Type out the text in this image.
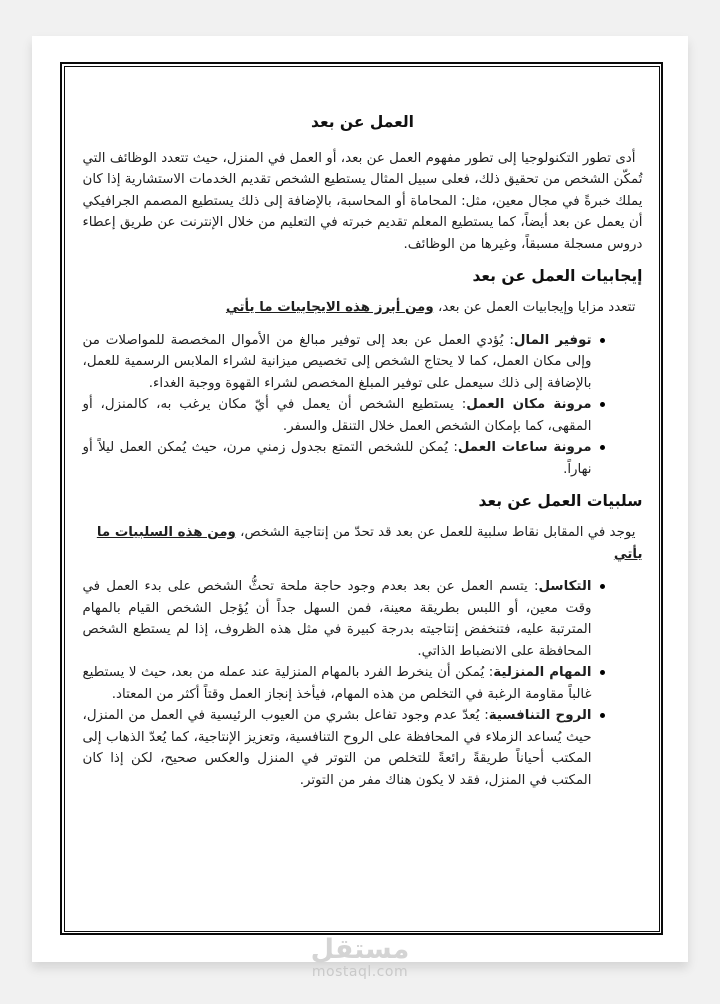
العمل عن بعد

أدى تطور التكنولوجيا إلى تطور مفهوم العمل عن بعد، أو العمل في المنزل، حيث تتعدد الوظائف التي تُمكّن الشخص من تحقيق ذلك، فعلى سبيل المثال يستطيع الشخص تقديم الخدمات الاستشارية إذا كان يملك خبرةً في مجال معين، مثل: المحاماة أو المحاسبة، بالإضافة إلى ذلك يستطيع المصمم الجرافيكي أن يعمل عن بعد أيضاً، كما يستطيع المعلم تقديم خبرته في التعليم من خلال الإنترنت عن طريق إعطاء دروس مسجلة مسبقاً، وغيرها من الوظائف.

إيجابيات العمل عن بعد

تتعدد مزايا وإيجابيات العمل عن بعد، ومن أبرز هذه الايجابيات ما يأتي

توفير المال: يُؤدي العمل عن بعد إلى توفير مبالغ من الأموال المخصصة للمواصلات من وإلى مكان العمل، كما لا يحتاج الشخص إلى تخصيص ميزانية لشراء الملابس الرسمية للعمل، بالإضافة إلى ذلك سيعمل على توفير المبلغ المخصص لشراء القهوة ووجبة الغداء.
مرونة مكان العمل: يستطيع الشخص أن يعمل في أيّ مكان يرغب به، كالمنزل، أو المقهى، كما بإمكان الشخص العمل خلال التنقل والسفر.
مرونة ساعات العمل: يُمكن للشخص التمتع بجدول زمني مرن، حيث يُمكن العمل ليلاً أو نهاراً.
سلبيات العمل عن بعد

يوجد في المقابل نقاط سلبية للعمل عن بعد قد تحدّ من إنتاجية الشخص، ومن هذه السلبيات ما يأتي

التكاسل: يتسم العمل عن بعد بعدم وجود حاجة ملحة تحثُّ الشخص على بدء العمل في وقت معين، أو اللبس بطريقة معينة، فمن السهل جداً أن يُؤجل الشخص القيام بالمهام المترتبة عليه، فتنخفض إنتاجيته بدرجة كبيرة في مثل هذه الظروف، إذا لم يستطع الشخص المحافظة على الانضباط الذاتي.
المهام المنزلية: يُمكن أن ينخرط الفرد بالمهام المنزلية عند عمله من بعد، حيث لا يستطيع غالباً مقاومة الرغبة في التخلص من هذه المهام، فيأخذ إنجاز العمل وقتاً أكثر من المعتاد.
الروح التنافسية: يُعدّ عدم وجود تفاعل بشري من العيوب الرئيسية في العمل من المنزل، حيث يُساعد الزملاء في المحافظة على الروح التنافسية، وتعزيز الإنتاجية، كما يُعدّ الذهاب إلى المكتب أحياناً طريقةً رائعةً للتخلص من التوتر في المنزل والعكس صحيح، لكن إذا كان المكتب في المنزل، فقد لا يكون هناك مفر من التوتر.
مستقل
mostaql.com
